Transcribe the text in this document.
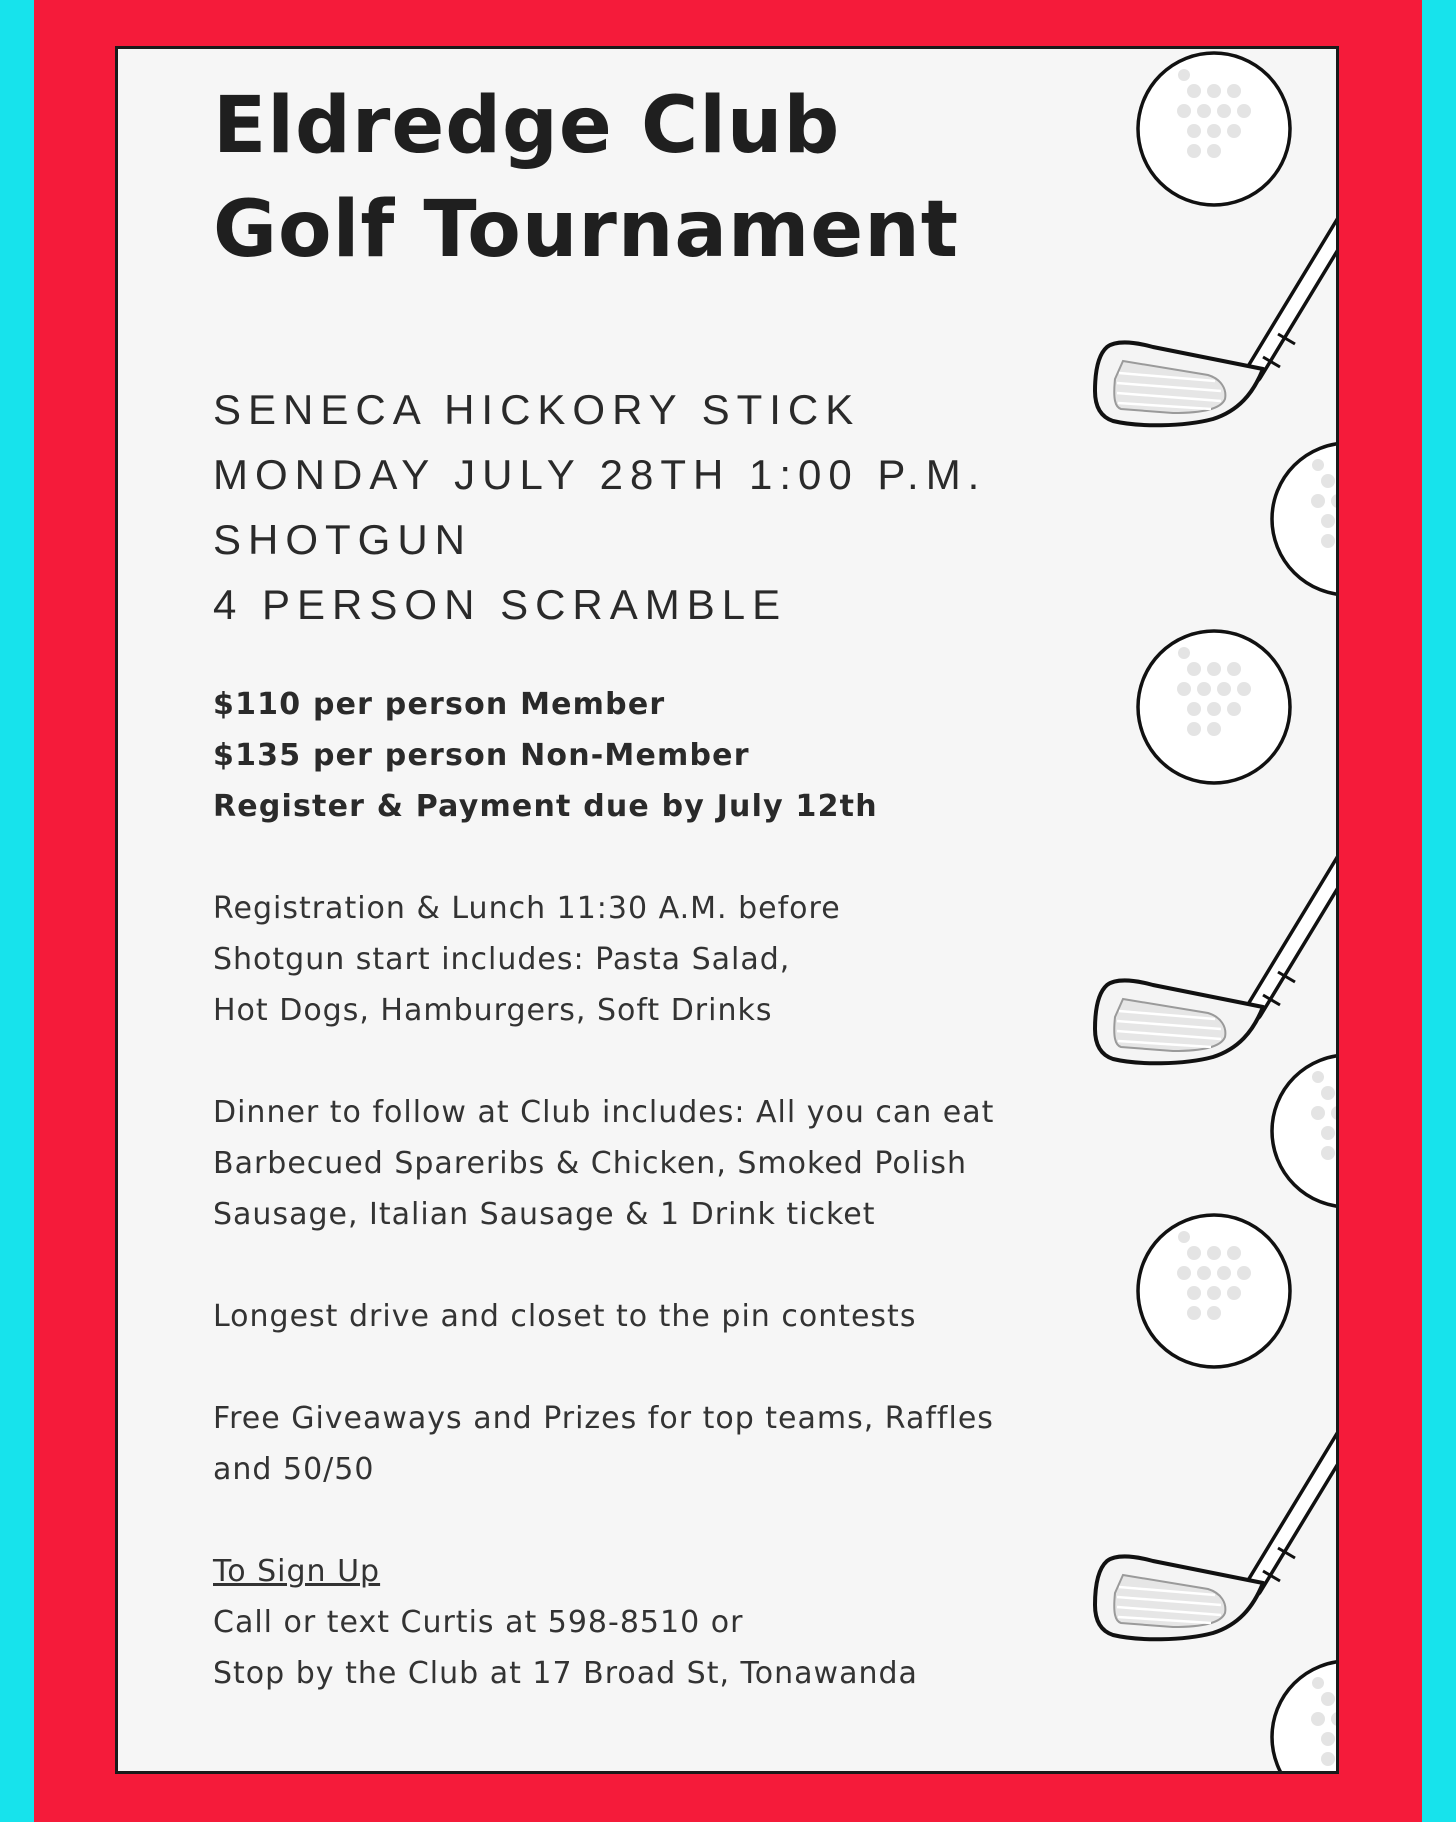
Eldredge Club
Golf Tournament
SENECA HICKORY STICK
MONDAY JULY 28TH 1:00 P.M.
SHOTGUN
4 PERSON SCRAMBLE
$110 per person Member
$135 per person Non-Member
Register & Payment due by July 12th
Registration & Lunch 11:30 A.M. before
Shotgun start includes: Pasta Salad,
Hot Dogs, Hamburgers, Soft Drinks
Dinner to follow at Club includes: All you can eat
Barbecued Spareribs & Chicken, Smoked Polish
Sausage, Italian Sausage & 1 Drink ticket
Longest drive and closet to the pin contests
Free Giveaways and Prizes for top teams, Raffles
and 50/50
To Sign Up
Call or text Curtis at 598-8510 or
Stop by the Club at 17 Broad St, Tonawanda
